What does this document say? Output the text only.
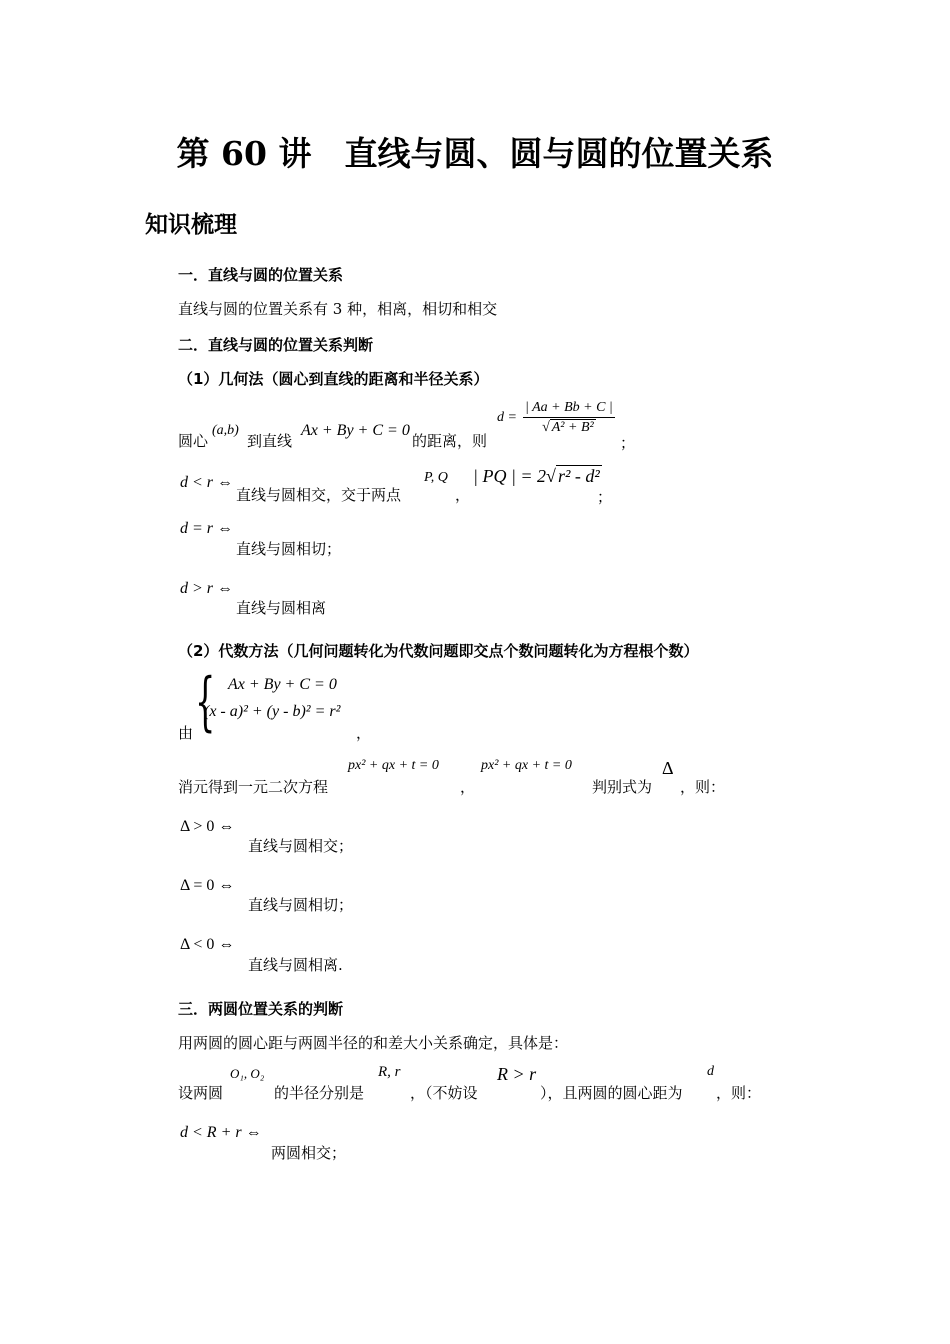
第 60 讲　直线与圆、圆与圆的位置关系
知识梳理
一．直线与圆的位置关系
直线与圆的位置关系有 3 种，相离，相切和相交
二．直线与圆的位置关系判断
（1）几何法（圆心到直线的距离和半径关系）
圆心
(a,b)
到直线
Ax + By + C = 0
的距离，则
$d = \frac{| Aa + Bb + C |}{\text{√ A² + B²}}$
；
d < r ⇔
直线与圆相交，交于两点
P, Q
，
| PQ | = 2√ r² - d²
；
d = r ⇔
直线与圆相切；
d > r ⇔
直线与圆相离
（2）代数方法（几何问题转化为代数问题即交点个数问题转化为方程根个数）
由 { Ax + By + C = 0
(x - a)² + (y - b)² = r²
，
消元得到一元二次方程
px² + qx + t = 0
，
px² + qx + t = 0
判别式为
Δ
，则：
Δ > 0 ⇔
直线与圆相交；
Δ = 0 ⇔
直线与圆相切；
Δ < 0 ⇔
直线与圆相离.
三．两圆位置关系的判断
用两圆的圆心距与两圆半径的和差大小关系确定，具体是：
设两圆
O₁, O₂
的半径分别是
R, r
，（不妨设
R > r
），且两圆的圆心距为
d
，则：
d < R + r ⇔
两圆相交；
